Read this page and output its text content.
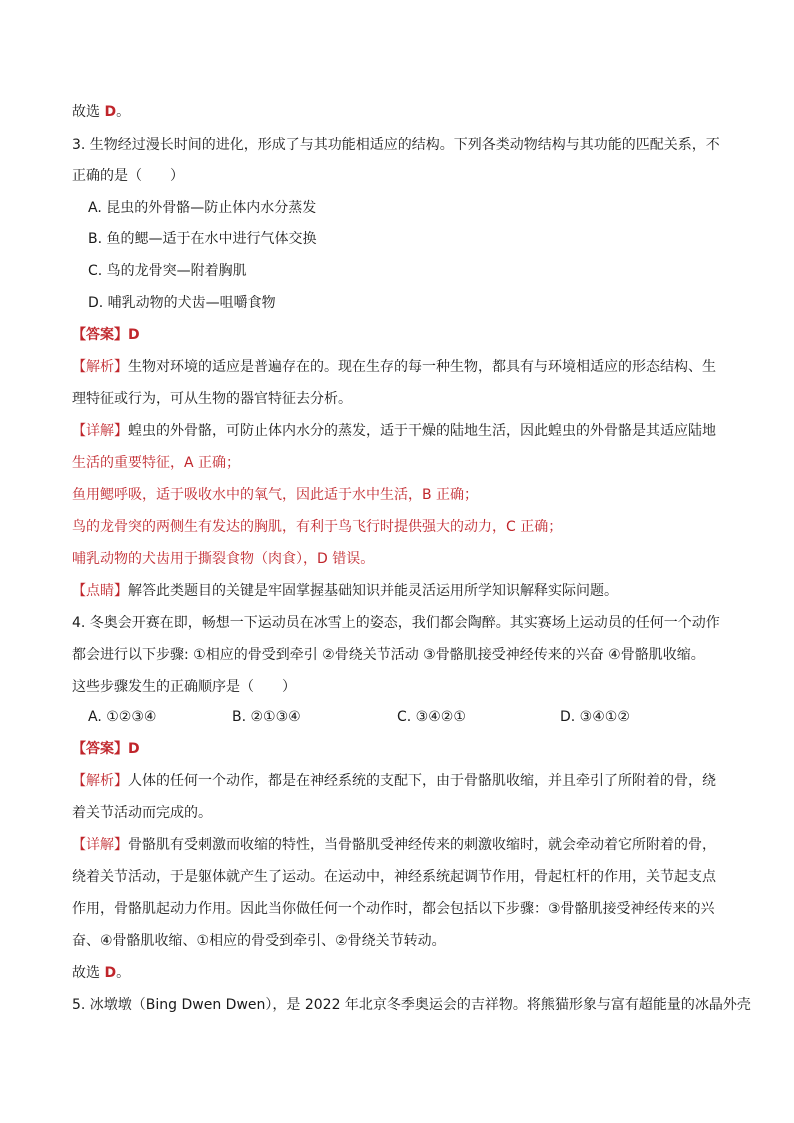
故选 D。
3. 生物经过漫长时间的进化，形成了与其功能相适应的结构。下列各类动物结构与其功能的匹配关系，不
正确的是（　　）
A. 昆虫的外骨骼—防止体内水分蒸发
B. 鱼的鳃—适于在水中进行气体交换
C. 鸟的龙骨突—附着胸肌
D. 哺乳动物的犬齿—咀嚼食物
【答案】D
【解析】生物对环境的适应是普遍存在的。现在生存的每一种生物，都具有与环境相适应的形态结构、生
理特征或行为，可从生物的器官特征去分析。
【详解】蝗虫的外骨骼，可防止体内水分的蒸发，适于干燥的陆地生活，因此蝗虫的外骨骼是其适应陆地
生活的重要特征，A 正确；
鱼用鳃呼吸，适于吸收水中的氧气，因此适于水中生活，B 正确；
鸟的龙骨突的两侧生有发达的胸肌，有利于鸟飞行时提供强大的动力，C 正确；
哺乳动物的犬齿用于撕裂食物（肉食），D 错误。
【点睛】解答此类题目的关键是牢固掌握基础知识并能灵活运用所学知识解释实际问题。
4. 冬奥会开赛在即，畅想一下运动员在冰雪上的姿态，我们都会陶醉。其实赛场上运动员的任何一个动作
都会进行以下步骤: ①相应的骨受到牵引 ②骨绕关节活动 ③骨骼肌接受神经传来的兴奋 ④骨骼肌收缩。
这些步骤发生的正确顺序是（　　）
A. ①②③④	B. ②①③④	C. ③④②①	D. ③④①②
【答案】D
【解析】人体的任何一个动作，都是在神经系统的支配下，由于骨骼肌收缩，并且牵引了所附着的骨，绕
着关节活动而完成的。
【详解】骨骼肌有受刺激而收缩的特性，当骨骼肌受神经传来的刺激收缩时，就会牵动着它所附着的骨，
绕着关节活动，于是躯体就产生了运动。在运动中，神经系统起调节作用，骨起杠杆的作用，关节起支点
作用，骨骼肌起动力作用。因此当你做任何一个动作时，都会包括以下步骤：③骨骼肌接受神经传来的兴
奋、④骨骼肌收缩、①相应的骨受到牵引、②骨绕关节转动。
故选 D。
5. 冰墩墩（Bing Dwen Dwen），是 2022 年北京冬季奥运会的吉祥物。将熊猫形象与富有超能量的冰晶外壳
